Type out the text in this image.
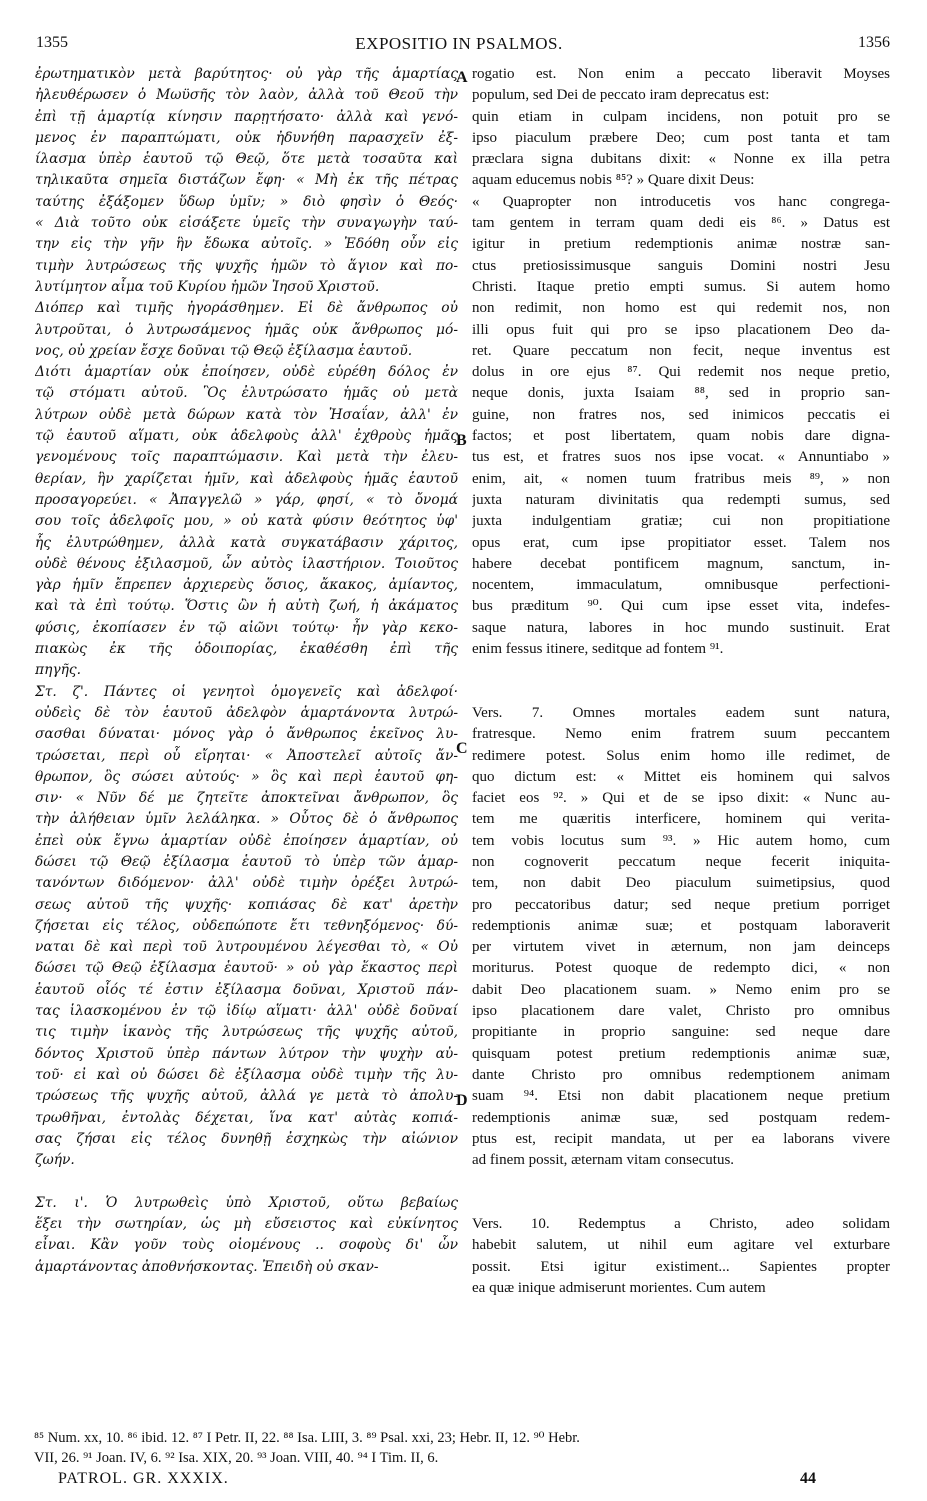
1355	EXPOSITIO IN PSALMOS.	1356
ἐρωτηματικὸν μετὰ βαρύτητος· οὐ γὰρ τῆς ἁμαρτίας
ἠλευθέρωσεν ὁ Μωϋσῆς τὸν λαὸν, ἀλλὰ τοῦ Θεοῦ τὴν
ἐπὶ τῇ ἁμαρτίᾳ κίνησιν παρῃτήσατο· ἀλλὰ καὶ γενό-
μενος ἐν παραπτώματι, οὐκ ἠδυνήθη παρασχεῖν ἐξ-
ίλασμα ὑπὲρ ἑαυτοῦ τῷ Θεῷ, ὅτε μετὰ τοσαῦτα καὶ
τηλικαῦτα σημεῖα διστάζων ἔφη· « Μὴ ἐκ τῆς πέτρας
ταύτης ἐξάξομεν ὕδωρ ὑμῖν; » διὸ φησὶν ὁ Θεός·
« Διὰ τοῦτο οὐκ εἰσάξετε ὑμεῖς τὴν συναγωγὴν ταύ-
την εἰς τὴν γῆν ἣν ἔδωκα αὐτοῖς. » Ἐδόθη οὖν εἰς
τιμὴν λυτρώσεως τῆς ψυχῆς ἡμῶν τὸ ἅγιον καὶ πο-
λυτίμητον αἷμα τοῦ Κυρίου ἡμῶν Ἰησοῦ Χριστοῦ.
Διόπερ καὶ τιμῆς ἠγοράσθημεν. Εἰ δὲ ἄνθρωπος οὐ
λυτροῦται, ὁ λυτρωσάμενος ἡμᾶς οὐκ ἄνθρωπος μό-
νος, οὐ χρείαν ἔσχε δοῦναι τῷ Θεῷ ἐξίλασμα ἑαυτοῦ.
Διότι ἁμαρτίαν οὐκ ἐποίησεν, οὐδὲ εὑρέθη δόλος ἐν
τῷ στόματι αὐτοῦ. Ὃς ἐλυτρώσατο ἡμᾶς οὐ μετὰ
λύτρων οὐδὲ μετὰ δώρων κατὰ τὸν Ἠσαΐαν, ἀλλ' ἐν
τῷ ἑαυτοῦ αἵματι, οὐκ ἀδελφοὺς ἀλλ' ἐχθροὺς ἡμᾶς
γενομένους τοῖς παραπτώμασιν. Καὶ μετὰ τὴν ἐλευ-
θερίαν, ἣν χαρίζεται ἡμῖν, καὶ ἀδελφοὺς ἡμᾶς ἑαυτοῦ
προσαγορεύει. « Ἀπαγγελῶ » γάρ, φησί, « τὸ ὄνομά
σου τοῖς ἀδελφοῖς μου, » οὐ κατὰ φύσιν θεότητος ὑφ'
ἧς ἐλυτρώθημεν, ἀλλὰ κατὰ συγκατάβασιν χάριτος,
οὐδὲ θένους ἐξιλασμοῦ, ὧν αὐτὸς ἱλαστήριον. Τοιοῦτος
γὰρ ἡμῖν ἔπρεπεν ἀρχιερεὺς ὅσιος, ἄκακος, ἀμίαντος,
καὶ τὰ ἐπὶ τούτῳ. Ὅστις ὢν ἡ αὐτὴ ζωή, ἡ ἀκάματος
φύσις, ἐκοπίασεν ἐν τῷ αἰῶνι τούτῳ· ἦν γὰρ κεκο-
πιακὼς ἐκ τῆς ὁδοιπορίας, ἐκαθέσθη ἐπὶ τῆς
πηγῆς.
Στ. ζ'. Πάντες οἱ γενητοὶ ὁμογενεῖς καὶ ἀδελφοί·
οὐδεὶς δὲ τὸν ἑαυτοῦ ἀδελφὸν ἁμαρτάνοντα λυτρώ-
σασθαι δύναται· μόνος γὰρ ὁ ἄνθρωπος ἐκεῖνος λυ-
τρώσεται, περὶ οὗ εἴρηται· « Ἀποστελεῖ αὐτοῖς ἄν-
θρωπον, ὃς σώσει αὐτούς· » ὃς καὶ περὶ ἑαυτοῦ φη-
σιν· « Νῦν δέ με ζητεῖτε ἀποκτεῖναι ἄνθρωπον, ὃς
τὴν ἀλήθειαν ὑμῖν λελάληκα. » Οὗτος δὲ ὁ ἄνθρωπος
ἐπεὶ οὐκ ἔγνω ἁμαρτίαν οὐδὲ ἐποίησεν ἁμαρτίαν, οὐ
δώσει τῷ Θεῷ ἐξίλασμα ἑαυτοῦ τὸ ὑπὲρ τῶν ἁμαρ-
τανόντων διδόμενον· ἀλλ' οὐδὲ τιμὴν ὀρέξει λυτρώ-
σεως αὐτοῦ τῆς ψυχῆς· κοπιάσας δὲ κατ' ἀρετὴν
ζήσεται εἰς τέλος, οὐδεπώποτε ἔτι τεθνηξόμενος· δύ-
ναται δὲ καὶ περὶ τοῦ λυτρουμένου λέγεσθαι τὸ, « Οὐ
δώσει τῷ Θεῷ ἐξίλασμα ἑαυτοῦ· » οὐ γὰρ ἕκαστος περὶ
ἑαυτοῦ οἷός τέ ἐστιν ἐξίλασμα δοῦναι, Χριστοῦ πάν-
τας ἱλασκομένου ἐν τῷ ἰδίῳ αἵματι· ἀλλ' οὐδὲ δοῦναί
τις τιμὴν ἱκανὸς τῆς λυτρώσεως τῆς ψυχῆς αὐτοῦ,
δόντος Χριστοῦ ὑπὲρ πάντων λύτρον τὴν ψυχὴν αὐ-
τοῦ· εἰ καὶ οὐ δώσει δὲ ἐξίλασμα οὐδὲ τιμὴν τῆς λυ-
τρώσεως τῆς ψυχῆς αὐτοῦ, ἀλλά γε μετὰ τὸ ἀπολυ-
τρωθῆναι, ἐντολὰς δέχεται, ἵνα κατ' αὐτὰς κοπιά-
σας ζήσαι εἰς τέλος δυνηθῇ ἐσχηκὼς τὴν αἰώνιον
ζωήν.
Στ. ι'. Ὁ λυτρωθεὶς ὑπὸ Χριστοῦ, οὕτω βεβαίως
ἕξει τὴν σωτηρίαν, ὡς μὴ εὔσειστος καὶ εὐκίνητος
εἶναι. Κἂν γοῦν τοὺς οἰομένους .. σοφοὺς δι' ὧν
ἁμαρτάνοντας ἀποθνήσκοντας. Ἐπειδὴ οὐ σκαν-
rogatio est. Non enim a peccato liberavit Moyses
populum, sed Dei de peccato iram deprecatus est:
quin etiam in culpam incidens, non potuit pro se
ipso piaculum præbere Deo; cum post tanta et tam
præclara signa dubitans dixit: « Nonne ex illa petra
aquam educemus nobis ⁸⁵? » Quare dixit Deus:
« Quapropter non introducetis vos hanc congrega-
tam gentem in terram quam dedi eis ⁸⁶. » Datus est
igitur in pretium redemptionis animæ nostræ san-
ctus pretiosissimusque sanguis Domini nostri Jesu
Christi. Itaque pretio empti sumus. Si autem homo
non redimit, non homo est qui redemit nos, non
illi opus fuit qui pro se ipso placationem Deo da-
ret. Quare peccatum non fecit, neque inventus est
dolus in ore ejus ⁸⁷. Qui redemit nos neque pretio,
neque donis, juxta Isaiam ⁸⁸, sed in proprio san-
guine, non fratres nos, sed inimicos peccatis ei
factos; et post libertatem, quam nobis dare digna-
tus est, et fratres suos nos ipse vocat. « Annuntiabo »
enim, ait, « nomen tuum fratribus meis ⁸⁹, » non
juxta naturam divinitatis qua redempti sumus, sed
juxta indulgentiam gratiæ; cui non propitiatione
opus erat, cum ipse propitiator esset. Talem nos
habere decebat pontificem magnum, sanctum, in-
nocentem, immaculatum, omnibusque perfectioni-
bus præditum ⁹⁰. Qui cum ipse esset vita, indefes-
saque natura, labores in hoc mundo sustinuit. Erat
enim fessus itinere, seditque ad fontem ⁹¹.
Vers. 7. Omnes mortales eadem sunt natura,
fratresque. Nemo enim fratrem suum peccantem
redimere potest. Solus enim homo ille redimet, de
quo dictum est: « Mittet eis hominem qui salvos
faciet eos ⁹². » Qui et de se ipso dixit: « Nunc au-
tem me quæritis interficere, hominem qui verita-
tem vobis locutus sum ⁹³. » Hic autem homo, cum
non cognoverit peccatum neque fecerit iniquita-
tem, non dabit Deo piaculum suimetipsius, quod
pro peccatoribus datur; sed neque pretium porriget
redemptionis animæ suæ; et postquam laboraverit
per virtutem vivet in æternum, non jam deinceps
moriturus. Potest quoque de redempto dici, « non
dabit Deo placationem suam. » Nemo enim pro se
ipso placationem dare valet, Christo pro omnibus
propitiante in proprio sanguine: sed neque dare
quisquam potest pretium redemptionis animæ suæ,
dante Christo pro omnibus redemptionem animam
suam ⁹⁴. Etsi non dabit placationem neque pretium
redemptionis animæ suæ, sed postquam redem-
ptus est, recipit mandata, ut per ea laborans vivere
ad finem possit, æternam vitam consecutus.
Vers. 10. Redemptus a Christo, adeo solidam
habebit salutem, ut nihil eum agitare vel exturbare
possit. Etsi igitur existiment... Sapientes propter
ea quæ inique admiserunt morientes. Cum autem
A
B
C
D
⁸⁵ Num. xx, 10. ⁸⁶ ibid. 12. ⁸⁷ I Petr. II, 22. ⁸⁸ Isa. LIII, 3. ⁸⁹ Psal. xxi, 23; Hebr. II, 12. ⁹⁰ Hebr.
VII, 26. ⁹¹ Joan. IV, 6. ⁹² Isa. XIX, 20. ⁹³ Joan. VIII, 40. ⁹⁴ I Tim. II, 6.
PATROL. GR. XXXIX.	44
